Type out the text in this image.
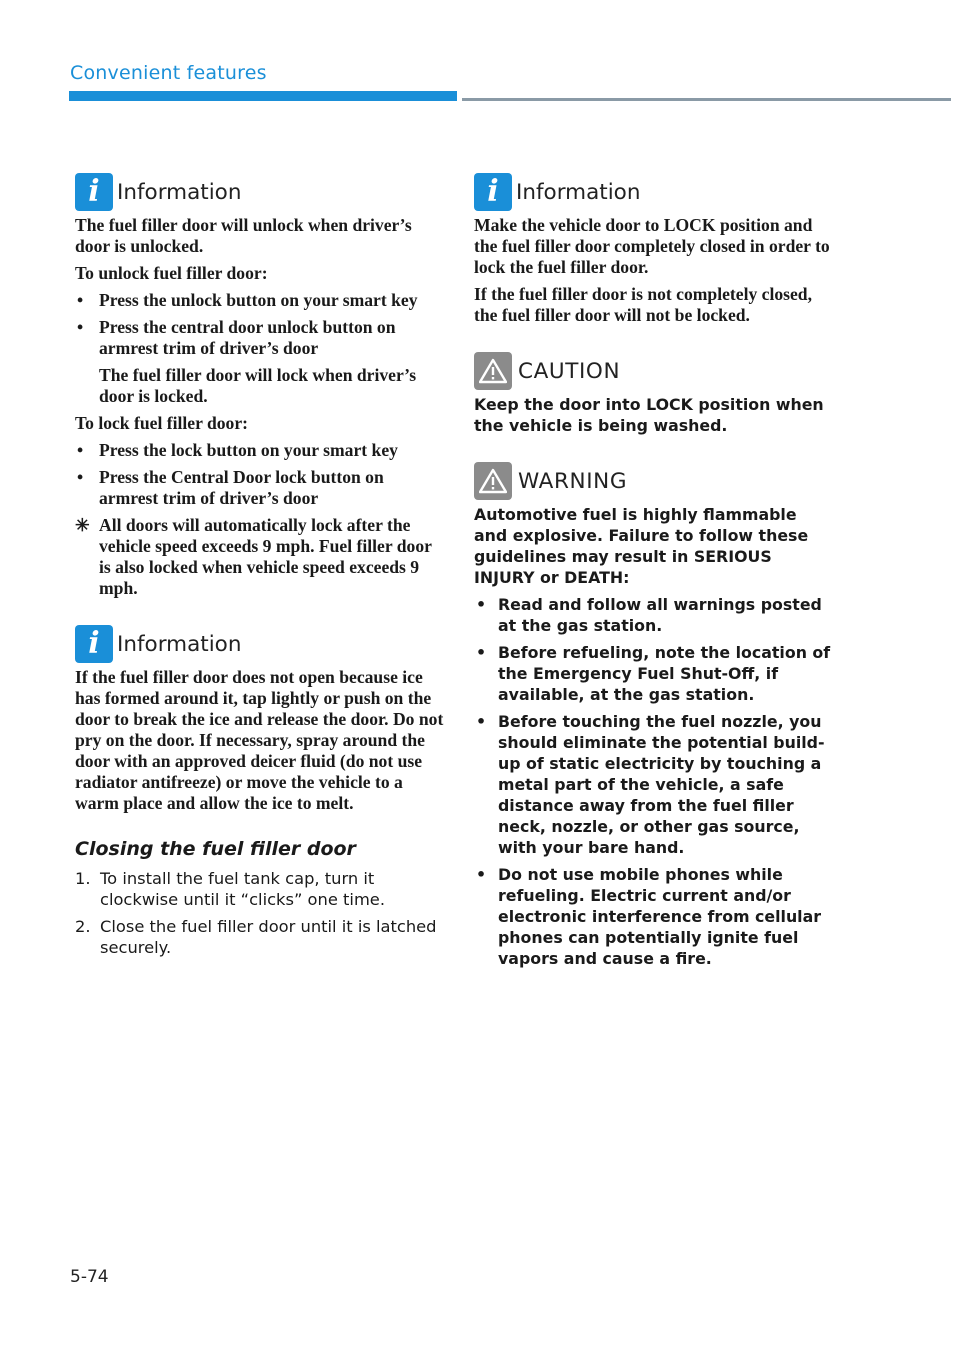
Convenient features
i Information
The fuel filler door will unlock when driver’s door is unlocked.
To unlock fuel filler door:
• Press the unlock button on your smart key
• Press the central door unlock button on armrest trim of driver’s door
The fuel filler door will lock when driver’s door is locked.
To lock fuel filler door:
• Press the lock button on your smart key
• Press the Central Door lock button on armrest trim of driver’s door
✳ All doors will automatically lock after the vehicle speed exceeds 9 mph. Fuel filler door is also locked when vehicle speed exceeds 9 mph.
i Information
If the fuel filler door does not open because ice has formed around it, tap lightly or push on the door to break the ice and release the door. Do not pry on the door. If necessary, spray around the door with an approved deicer fluid (do not use radiator antifreeze) or move the vehicle to a warm place and allow the ice to melt.
Closing the fuel filler door
1. To install the fuel tank cap, turn it clockwise until it “clicks” one time.
2. Close the fuel filler door until it is latched securely.
i Information
Make the vehicle door to LOCK position and the fuel filler door completely closed in order to lock the fuel filler door.
If the fuel filler door is not completely closed, the fuel filler door will not be locked.
CAUTION
Keep the door into LOCK position when the vehicle is being washed.
WARNING
Automotive fuel is highly flammable and explosive. Failure to follow these guidelines may result in SERIOUS INJURY or DEATH:
• Read and follow all warnings posted at the gas station.
• Before refueling, note the location of the Emergency Fuel Shut-Off, if available, at the gas station.
• Before touching the fuel nozzle, you should eliminate the potential build-up of static electricity by touching a metal part of the vehicle, a safe distance away from the fuel filler neck, nozzle, or other gas source, with your bare hand.
• Do not use mobile phones while refueling. Electric current and/or electronic interference from cellular phones can potentially ignite fuel vapors and cause a fire.
5-74
